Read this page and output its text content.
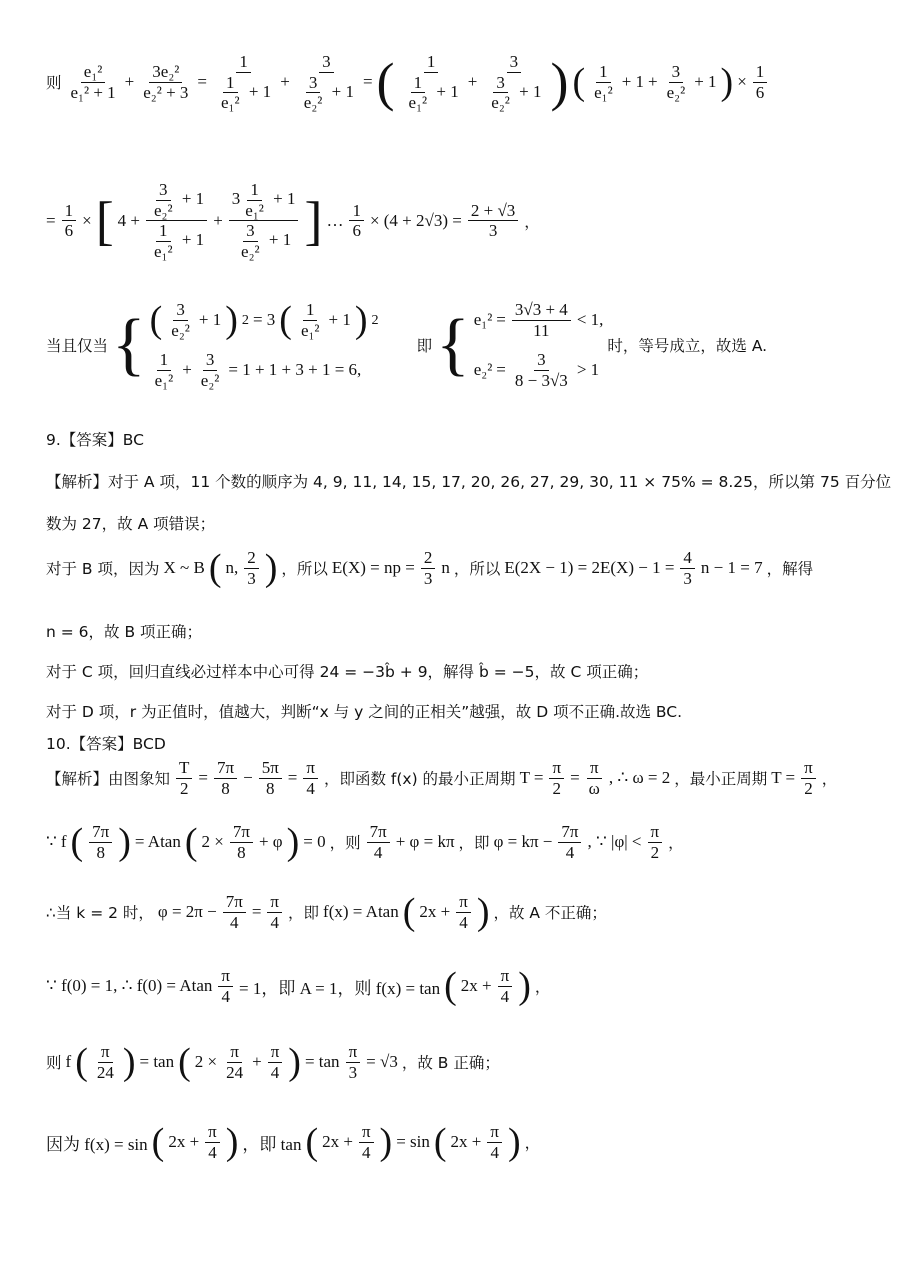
则 $\frac{\text{e₁²}}{\text{e₁² + 1}} + \frac{\text{3e₂²}}{\text{e₂² + 3}} = \frac{1}{\frac{1}{\text{e₁²}} + 1} + \frac{3}{\frac{3}{\text{e₂²}} + 1}$ = ( $\frac{1}{\frac{1}{\text{e₁²}} + 1} + \frac{3}{\frac{3}{\text{e₂²}} + 1}$ ) ( $\frac{1}{\text{e₁²}} + 1 + \frac{3}{\text{e₂²}} + 1$ ) × $\frac{1}{6}$
= $\frac{1}{6}$ × [ $4 + \frac{\frac{3}{\text{e₂²}} + 1}{\frac{1}{\text{e₁²}} + 1} + \frac{3 \frac{1}{\text{e₁²}} + 1}{\frac{3}{\text{e₂²}} + 1}$ ] … $\frac{1}{6} \times (4 + 2√3) = \frac{2 + √3}{3}$ ，
当且仅当 { ( $\frac{3}{\text{e₂²}} + 1$ ) 2 = 3 ( $\frac{1}{\text{e₁²}} + 1$ ) 2
$\frac{1}{\text{e₁²}} + \frac{3}{\text{e₂²}} = 1 + 1 + 3 + 1 = 6$,
即 { $e_1^2 = \frac{3√3 + 4}{11} < 1$,
$e_2^2 = \frac{3}{8 - 3√3} > 1$
时，等号成立，故选 A.
9.【答案】BC
【解析】对于 A 项，11 个数的顺序为 4, 9, 11, 14, 15, 17, 20, 26, 27, 29, 30, 11 × 75% = 8.25，所以第 75 百分位
数为 27，故 A 项错误；
对于 B 项，因为 X ~ B ( n, $\frac{2}{3}$ ) ，所以 E(X) = np = $\frac{2}{3}$ n ，所以 $E(2X - 1) = 2E(X) - 1 = \frac{4}{3}$ n − 1 = 7 ，解得
n = 6，故 B 项正确；
对于 C 项，回归直线必过样本中心可得 24 = −3b̂ + 9，解得 b̂ = −5，故 C 项正确；
对于 D 项，r 为正值时，值越大，判断“x 与 y 之间的正相关”越强，故 D 项不正确.故选 BC.
10.【答案】BCD
【解析】由图象知 $\frac{T}{2} = \frac{7\pi}{8} - \frac{5\pi}{8} = \frac{\pi}{4}$ ，即函数 f(x) 的最小正周期 $T = \frac{\pi}{2} = \frac{\pi}{\omega}$ , ∴ ω = 2 ，最小正周期 $T = \frac{\pi}{2}$ ，
∵ f ( $\frac{7\pi}{8}$ ) = Atan ( $2 \times \frac{7\pi}{8} + \varphi$ ) = 0 ，则 $\frac{7\pi}{4} + \varphi = k\pi$ ，即 $\varphi = k\pi - \frac{7\pi}{4}$ , ∵ $|\varphi| < \frac{\pi}{2}$ ，
∴当 k = 2 时， $\varphi = 2\pi - \frac{7\pi}{4} = \frac{\pi}{4}$ ，即 f(x) = Atan ( $2x + \frac{\pi}{4}$ ) ，故 A 不正确；
∵ f(0) = 1, ∴ f(0) = Atan $\frac{\pi}{4} = 1$，即 A = 1，则 f(x) = tan ( $2x + \frac{\pi}{4}$ ) ，
则 f ( $\frac{\pi}{24}$ ) = tan ( $2 \times \frac{\pi}{24} + \frac{\pi}{4}$ ) = $\tan \frac{\pi}{3} = √3$ ，故 B 正确；
因为 f(x) = sin ( $2x + \frac{\pi}{4}$ ) ，即 tan ( $2x + \frac{\pi}{4}$ ) = sin ( $2x + \frac{\pi}{4}$ ) ，
